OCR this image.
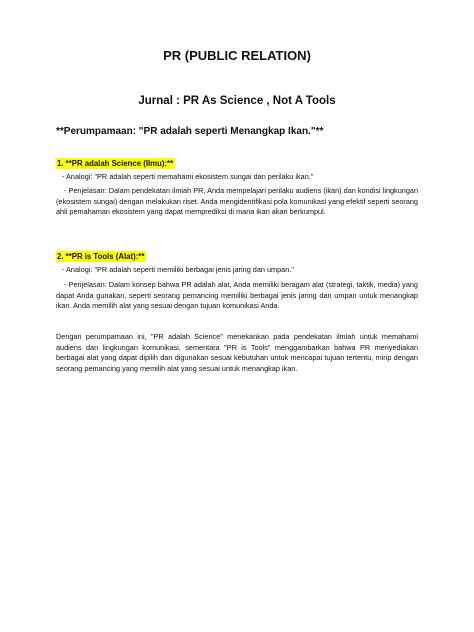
PR (PUBLIC RELATION)
Jurnal : PR As Science , Not A Tools
**Perumpamaan: "PR adalah seperti Menangkap Ikan."**
1. **PR adalah Science (Ilmu):**
- Analogi: "PR adalah seperti memahami ekosistem sungai dan perilaku ikan."
- Penjelasan: Dalam pendekatan ilmiah PR, Anda mempelajari perilaku audiens (ikan) dan kondisi lingkungan (ekosistem sungai) dengan melakukan riset. Anda mengidentifikasi pola komunikasi yang efektif seperti seorang ahli pemahaman ekosistem yang dapat memprediksi di mana ikan akan berkumpul.
2. **PR is Tools (Alat):**
- Analogi: "PR adalah seperti memiliki berbagai jenis jaring dan umpan."
- Penjelasan: Dalam konsep bahwa PR adalah alat, Anda memiliki beragam alat (strategi, taktik, media) yang dapat Anda gunakan, seperti seorang pemancing memiliki berbagai jenis jaring dan umpan untuk menangkap ikan. Anda memilih alat yang sesuai dengan tujuan komunikasi Anda.
Dengan perumpamaan ini, "PR adalah Science" menekankan pada pendekatan ilmiah untuk memahami audiens dan lingkungan komunikasi, sementara "PR is Tools" menggambarkan bahwa PR menyediakan berbagai alat yang dapat dipilih dan digunakan sesuai kebutuhan untuk mencapai tujuan tertentu, mirip dengan seorang pemancing yang memilih alat yang sesuai untuk menangkap ikan.
